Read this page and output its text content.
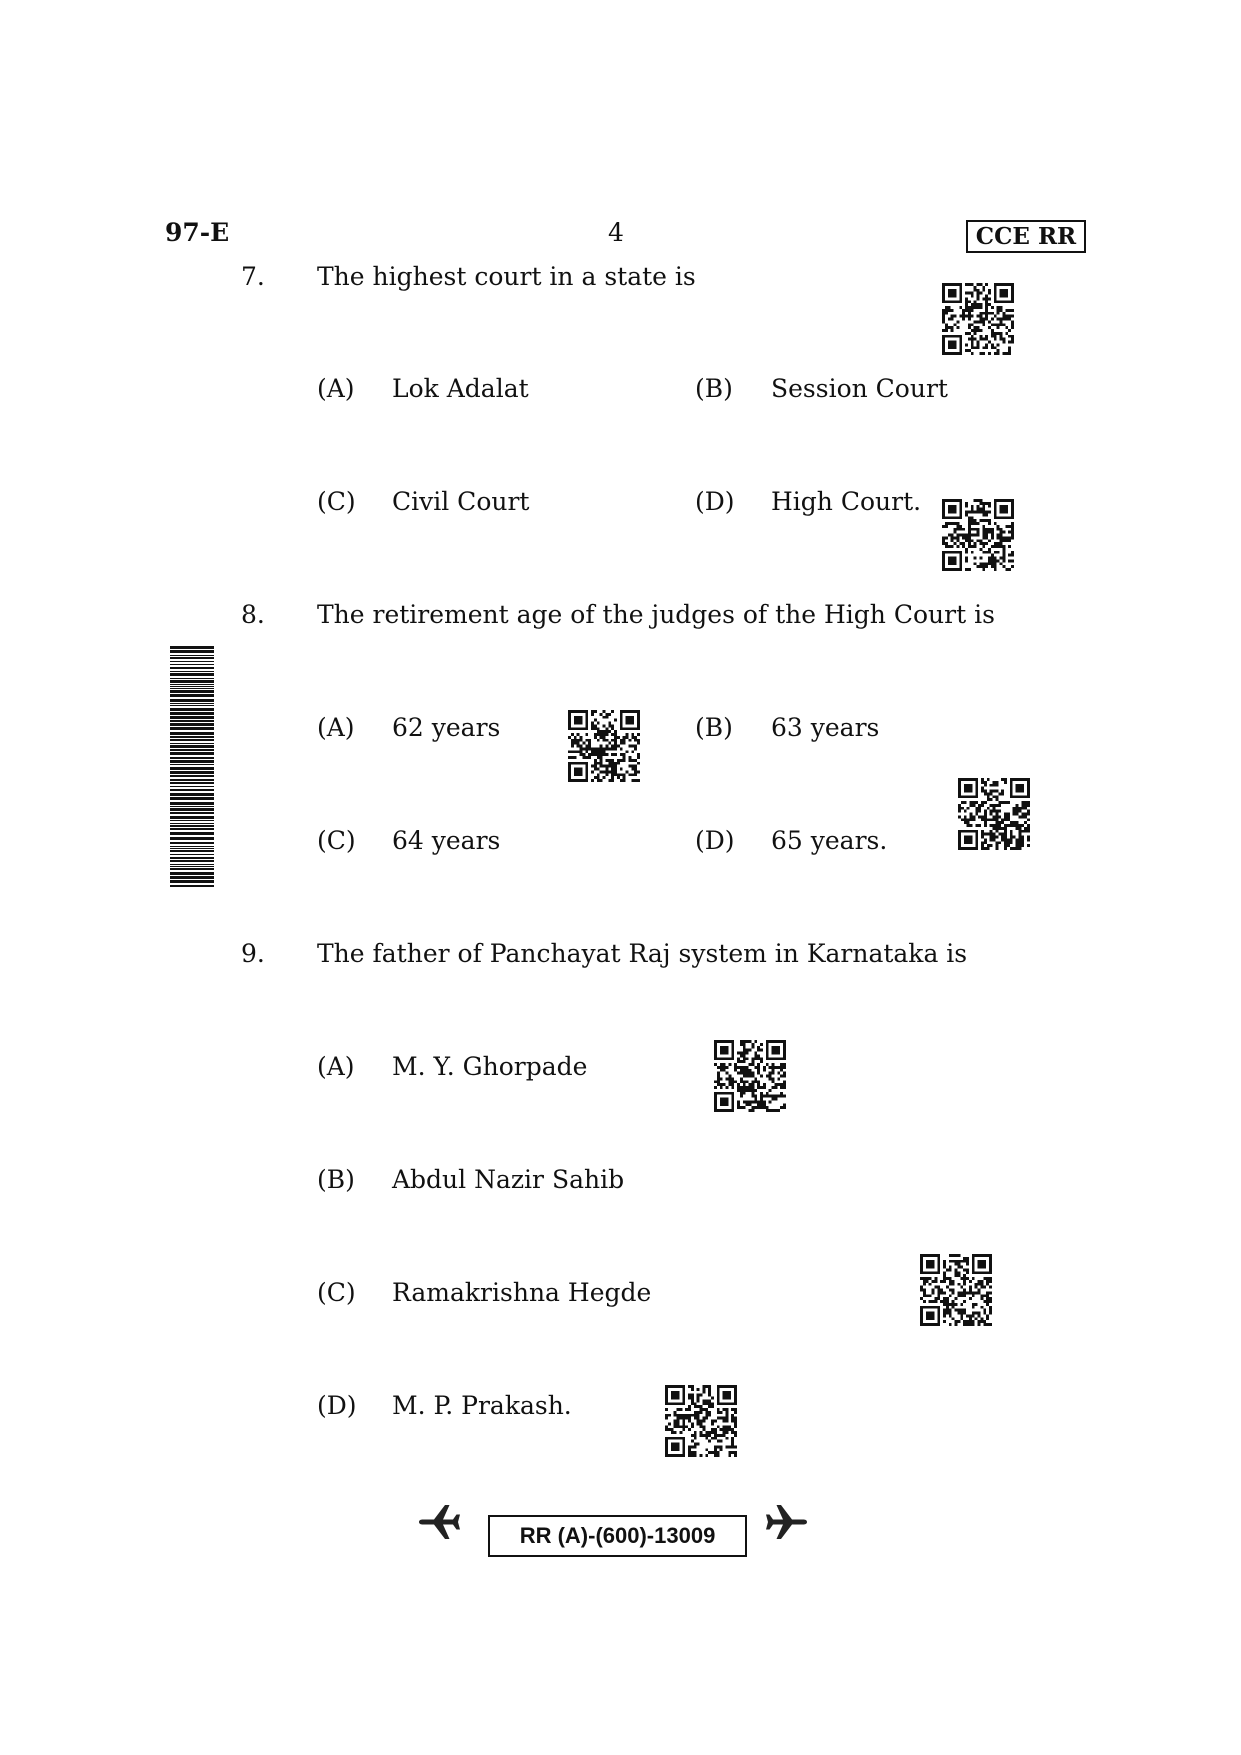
97-E	4	CCE RR
7. The highest court in a state is
(A) Lok Adalat	(B) Session Court
(C) Civil Court	(D) High Court.
8. The retirement age of the judges of the High Court is
(A) 62 years	(B) 63 years
(C) 64 years	(D) 65 years.
9. The father of Panchayat Raj system in Karnataka is
(A) M. Y. Ghorpade
(B) Abdul Nazir Sahib
(C) Ramakrishna Hegde
(D) M. P. Prakash.
RR (A)-(600)-13009
